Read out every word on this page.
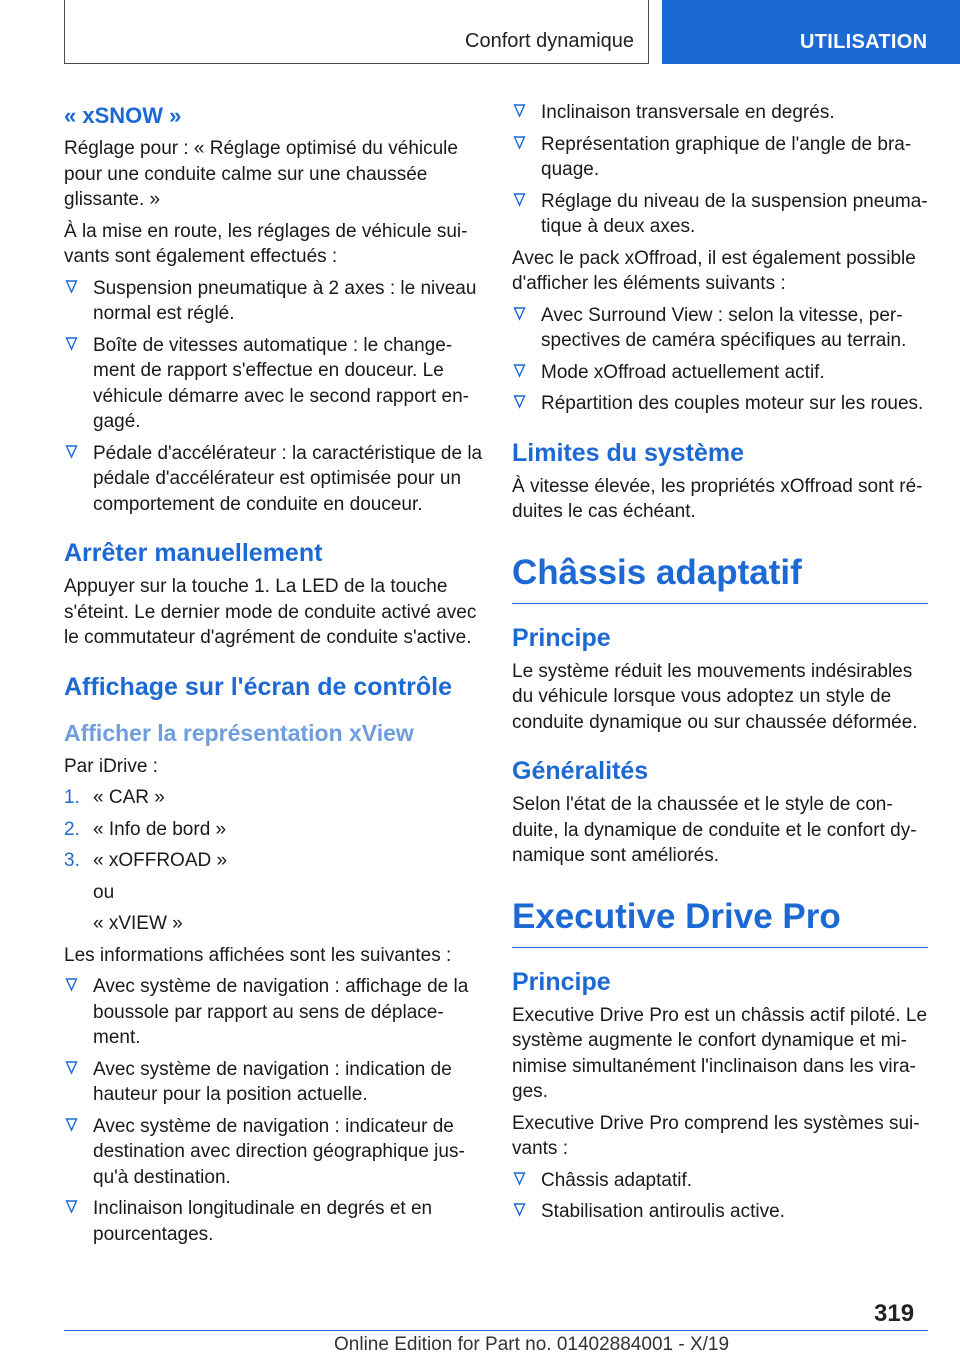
Confort dynamique	UTILISATION
« xSNOW »

Réglage pour : « Réglage optimisé du véhicule pour une conduite calme sur une chaussée glissante. »

À la mise en route, les réglages de véhicule suivants sont également effectués :

Suspension pneumatique à 2 axes : le niveau normal est réglé.
Boîte de vitesses automatique : le changement de rapport s'effectue en douceur. Le véhicule démarre avec le second rapport engagé.
Pédale d'accélérateur : la caractéristique de la pédale d'accélérateur est optimisée pour un comportement de conduite en douceur.
Arrêter manuellement

Appuyer sur la touche 1. La LED de la touche s'éteint. Le dernier mode de conduite activé avec le commutateur d'agrément de conduite s'active.

Affichage sur l'écran de contrôle
Afficher la représentation xView

Par iDrive :

1. « CAR »
2. « Info de bord »
3. « xOFFROAD »
ou
« xVIEW »

Les informations affichées sont les suivantes :

Avec système de navigation : affichage de la boussole par rapport au sens de déplacement.
Avec système de navigation : indication de hauteur pour la position actuelle.
Avec système de navigation : indicateur de destination avec direction géographique jusqu'à destination.
Inclinaison longitudinale en degrés et en pourcentages.
Inclinaison transversale en degrés.
Représentation graphique de l'angle de braquage.
Réglage du niveau de la suspension pneumatique à deux axes.

Avec le pack xOffroad, il est également possible d'afficher les éléments suivants :

Avec Surround View : selon la vitesse, perspectives de caméra spécifiques au terrain.
Mode xOffroad actuellement actif.
Répartition des couples moteur sur les roues.
Limites du système

À vitesse élevée, les propriétés xOffroad sont réduites le cas échéant.

Châssis adaptatif
Principe

Le système réduit les mouvements indésirables du véhicule lorsque vous adoptez un style de conduite dynamique ou sur chaussée déformée.

Généralités

Selon l'état de la chaussée et le style de conduite, la dynamique de conduite et le confort dynamique sont améliorés.

Executive Drive Pro
Principe

Executive Drive Pro est un châssis actif piloté. Le système augmente le confort dynamique et minimise simultanément l'inclinaison dans les virages.

Executive Drive Pro comprend les systèmes suivants :

Châssis adaptatif.
Stabilisation antiroulis active.
319
Online Edition for Part no. 01402884001 - X/19
